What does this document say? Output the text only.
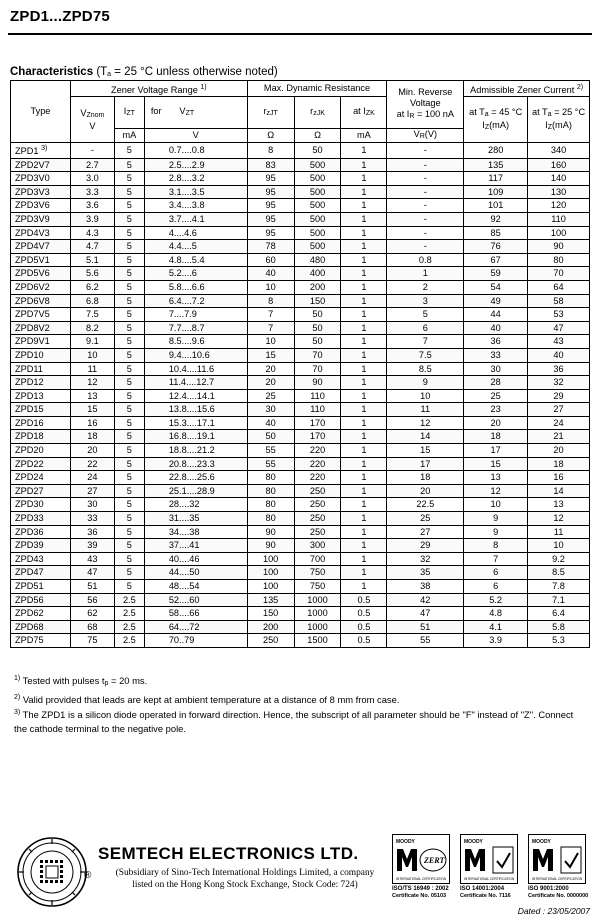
ZPD1...ZPD75
Characteristics (Ta = 25 °C unless otherwise noted)
Type	Zener Voltage Range $^{1)}$			Max. Dynamic Resistance			Min. Reverse Voltage
at IR = 100 nA	Admissible Zener Current $^{2)}$
	VZnom
V	IZT	for VZT	rzJT	rzJK	at IZK		at Ta = 45 °C
IZ(mA)	at Ta = 25 °C
IZ(mA)
		mA	V	Ω	Ω	mA	VR(V)		
ZPD1 $^{3)}$	-	5	0.7....0.8	8	50	1	-	280	340
ZPD2V7	2.7	5	2.5....2.9	83	500	1	-	135	160
ZPD3V0	3.0	5	2.8....3.2	95	500	1	-	117	140
ZPD3V3	3.3	5	3.1....3.5	95	500	1	-	109	130
ZPD3V6	3.6	5	3.4....3.8	95	500	1	-	101	120
ZPD3V9	3.9	5	3.7....4.1	95	500	1	-	92	110
ZPD4V3	4.3	5	4....4.6	95	500	1	-	85	100
ZPD4V7	4.7	5	4.4....5	78	500	1	-	76	90
ZPD5V1	5.1	5	4.8....5.4	60	480	1	0.8	67	80
ZPD5V6	5.6	5	5.2....6	40	400	1	1	59	70
ZPD6V2	6.2	5	5.8....6.6	10	200	1	2	54	64
ZPD6V8	6.8	5	6.4....7.2	8	150	1	3	49	58
ZPD7V5	7.5	5	7....7.9	7	50	1	5	44	53
ZPD8V2	8.2	5	7.7....8.7	7	50	1	6	40	47
ZPD9V1	9.1	5	8.5....9.6	10	50	1	7	36	43
ZPD10	10	5	9.4....10.6	15	70	1	7.5	33	40
ZPD11	11	5	10.4....11.6	20	70	1	8.5	30	36
ZPD12	12	5	11.4....12.7	20	90	1	9	28	32
ZPD13	13	5	12.4....14.1	25	110	1	10	25	29
ZPD15	15	5	13.8....15.6	30	110	1	11	23	27
ZPD16	16	5	15.3....17.1	40	170	1	12	20	24
ZPD18	18	5	16.8....19.1	50	170	1	14	18	21
ZPD20	20	5	18.8....21.2	55	220	1	15	17	20
ZPD22	22	5	20.8....23.3	55	220	1	17	15	18
ZPD24	24	5	22.8....25.6	80	220	1	18	13	16
ZPD27	27	5	25.1....28.9	80	250	1	20	12	14
ZPD30	30	5	28....32	80	250	1	22.5	10	13
ZPD33	33	5	31....35	80	250	1	25	9	12
ZPD36	36	5	34....38	90	250	1	27	9	11
ZPD39	39	5	37....41	90	300	1	29	8	10
ZPD43	43	5	40....46	100	700	1	32	7	9.2
ZPD47	47	5	44....50	100	750	1	35	6	8.5
ZPD51	51	5	48....54	100	750	1	38	6	7.8
ZPD56	56	2.5	52....60	135	1000	0.5	42	5.2	7.1
ZPD62	62	2.5	58....66	150	1000	0.5	47	4.8	6.4
ZPD68	68	2.5	64....72	200	1000	0.5	51	4.1	5.8
ZPD75	75	2.5	70..79	250	1500	0.5	55	3.9	5.3
$^{1)}$ Tested with pulses tp = 20 ms.
$^{2)}$ Valid provided that leads are kept at ambient temperature at a distance of 8 mm from case.
$^{3)}$ The ZPD1 is a silicon diode operated in forward direction. Hence, the subscript of all parameter should be "F" instead of "Z". Connect the cathode terminal to the negative pole.
SEMTECH ELECTRONICS LTD.
®	(Subsidiary of Sino-Tech International Holdings Limited, a company
listed on the Hong Kong Stock Exchange, Stock Code: 724)
MOODY
ZERT
INTERNATIONAL CERTIFICATION
MOODY
INTERNATIONAL CERTIFICATION
MOODY
INTERNATIONAL CERTIFICATION
ISO/TS 16949 : 2002
Certificate No. 05103
ISO 14001:2004
Certificate No. 7116
ISO 9001:2000
Certificate No. 0000000
Dated : 23/05/2007
